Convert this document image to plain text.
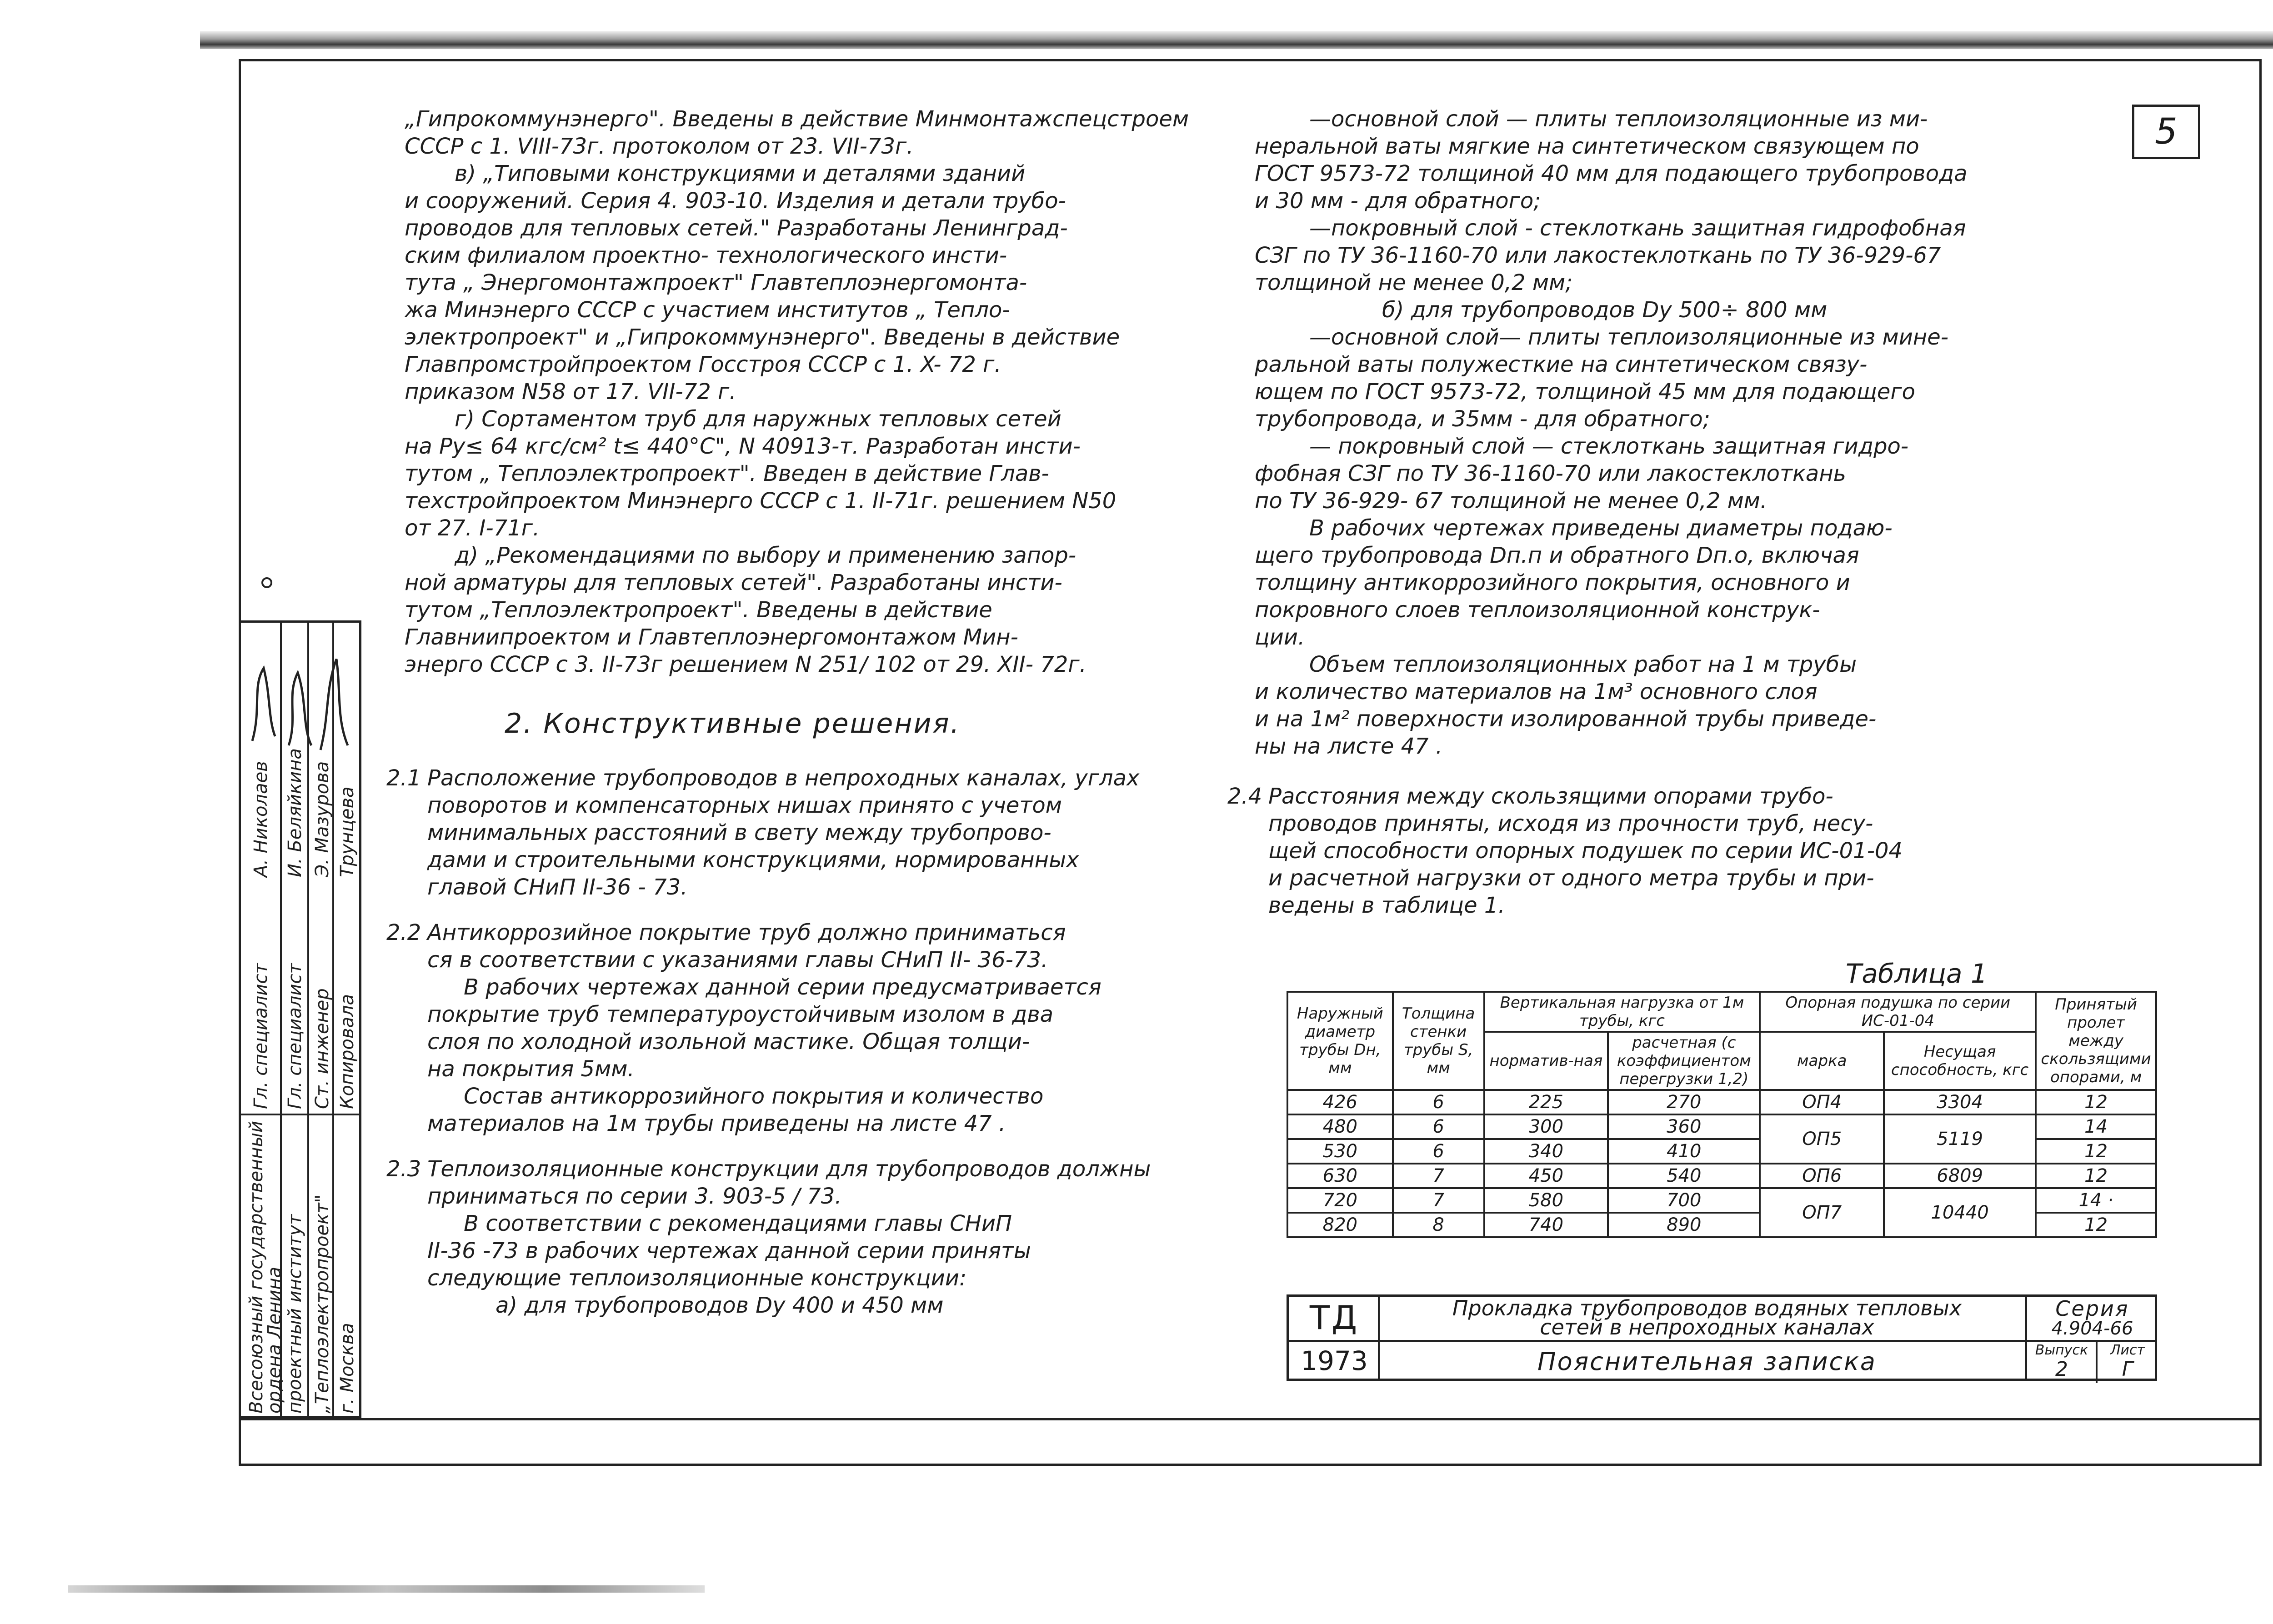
5
Всесоюзный государственный
ордена Ленина проектный институт „Теплоэлектропроект" г. Москва
Гл. специалист Гл. специалист Ст. инженер Копировала
А. Николаев И. Беляйкина Э. Мазурова Трунцева

„Гипрокоммунэнерго". Введены в действие Минмонтажспецстроем

СССР с 1. VIII-73г. протоколом от 23. VII-73г.

в) „Типовыми конструкциями и деталями зданий

и сооружений. Серия 4. 903-10. Изделия и детали трубо-

проводов для тепловых сетей." Разработаны Ленинград-

ским филиалом проектно- технологического инсти-

тута „ Энергомонтажпроект" Главтеплоэнергомонта-

жа Минэнерго СССР с участием институтов „ Тепло-

электропроект" и „Гипрокоммунэнерго". Введены в действие

Главпромстройпроектом Госстроя СССР с 1. X- 72 г.

приказом N58 от 17. VII-72 г.

г) Сортаментом труб для наружных тепловых сетей

на Pу≤ 64 кгс/см² t≤ 440°C", N 40913-т. Разработан инсти-

тутом „ Теплоэлектропроект". Введен в действие Глав-

техстройпроектом Минэнерго СССР с 1. II-71г. решением N50

от 27. I-71г.

д) „Рекомендациями по выбору и применению запор-

ной арматуры для тепловых сетей". Разработаны инсти-

тутом „Теплоэлектропроект". Введены в действие

Главниипроектом и Главтеплоэнергомонтажом Мин-

энерго СССР с 3. II-73г решением N 251/ 102 от 29. XII- 72г.

2. Конструктивные решения.

2.1 Расположение трубопроводов в непроходных каналах, углах

поворотов и компенсаторных нишах принято с учетом

минимальных расстояний в свету между трубопрово-

дами и строительными конструкциями, нормированных

главой СНиП II-36 - 73.

2.2 Антикоррозийное покрытие труб должно приниматься

ся в соответствии с указаниями главы СНиП II- 36-73.

В рабочих чертежах данной серии предусматривается

покрытие труб температуроустойчивым изолом в два

слоя по холодной изольной мастике. Общая толщи-

на покрытия 5мм.

Состав антикоррозийного покрытия и количество

материалов на 1м трубы приведены на листе 47 .

2.3 Теплоизоляционные конструкции для трубопроводов должны

приниматься по серии 3. 903-5 / 73.

В соответствии с рекомендациями главы СНиП

II-36 -73 в рабочих чертежах данной серии приняты

следующие теплоизоляционные конструкции:

а) для трубопроводов Dу 400 и 450 мм

—основной слой — плиты теплоизоляционные из ми-

неральной ваты мягкие на синтетическом связующем по

ГОСТ 9573-72 толщиной 40 мм для подающего трубопровода

и 30 мм - для обратного;

—покровный слой - стеклоткань защитная гидрофобная

СЗГ по ТУ 36-1160-70 или лакостеклоткань по ТУ 36-929-67

толщиной не менее 0,2 мм;

б) для трубопроводов Dу 500÷ 800 мм

—основной слой— плиты теплоизоляционные из мине-

ральной ваты полужесткие на синтетическом связу-

ющем по ГОСТ 9573-72, толщиной 45 мм для подающего

трубопровода, и 35мм - для обратного;

— покровный слой — стеклоткань защитная гидро-

фобная СЗГ по ТУ 36-1160-70 или лакостеклоткань

по ТУ 36-929- 67 толщиной не менее 0,2 мм.

В рабочих чертежах приведены диаметры подаю-

щего трубопровода Dп.п и обратного Dп.о, включая

толщину антикоррозийного покрытия, основного и

покровного слоев теплоизоляционной конструк-

ции.

Объем теплоизоляционных работ на 1 м трубы

и количество материалов на 1м³ основного слоя

и на 1м² поверхности изолированной трубы приведе-

ны на листе 47 .

2.4 Расстояния между скользящими опорами трубо-

проводов приняты, исходя из прочности труб, несу-

щей способности опорных подушек по серии ИС-01-04

и расчетной нагрузки от одного метра трубы и при-

ведены в таблице 1.

Таблица 1
Наружный диаметр трубы Dн, мм	Толщина стенки трубы S, мм	Вертикальная нагрузка от 1м трубы, кгс		Опорная подушка по серии ИС-01-04		Принятый пролет между скользящими опорами, м
		норматив-ная	расчетная (с коэффициентом перегрузки 1,2)	марка	Несущая способность, кгс	
426	6	225	270	ОП4	3304	12
480	6	300	360	ОП5	5119	14
530	6	340	410			12
630	7	450	540	ОП6	6809	12
720	7	580	700	ОП7	10440	14 ·
820	8	740	890			12
ТД
1973
Прокладка трубопроводов водяных тепловых
сетей в непроходных каналах
Пояснительная записка
Серия
4.904-66
Выпуск
2
Лист
Г
